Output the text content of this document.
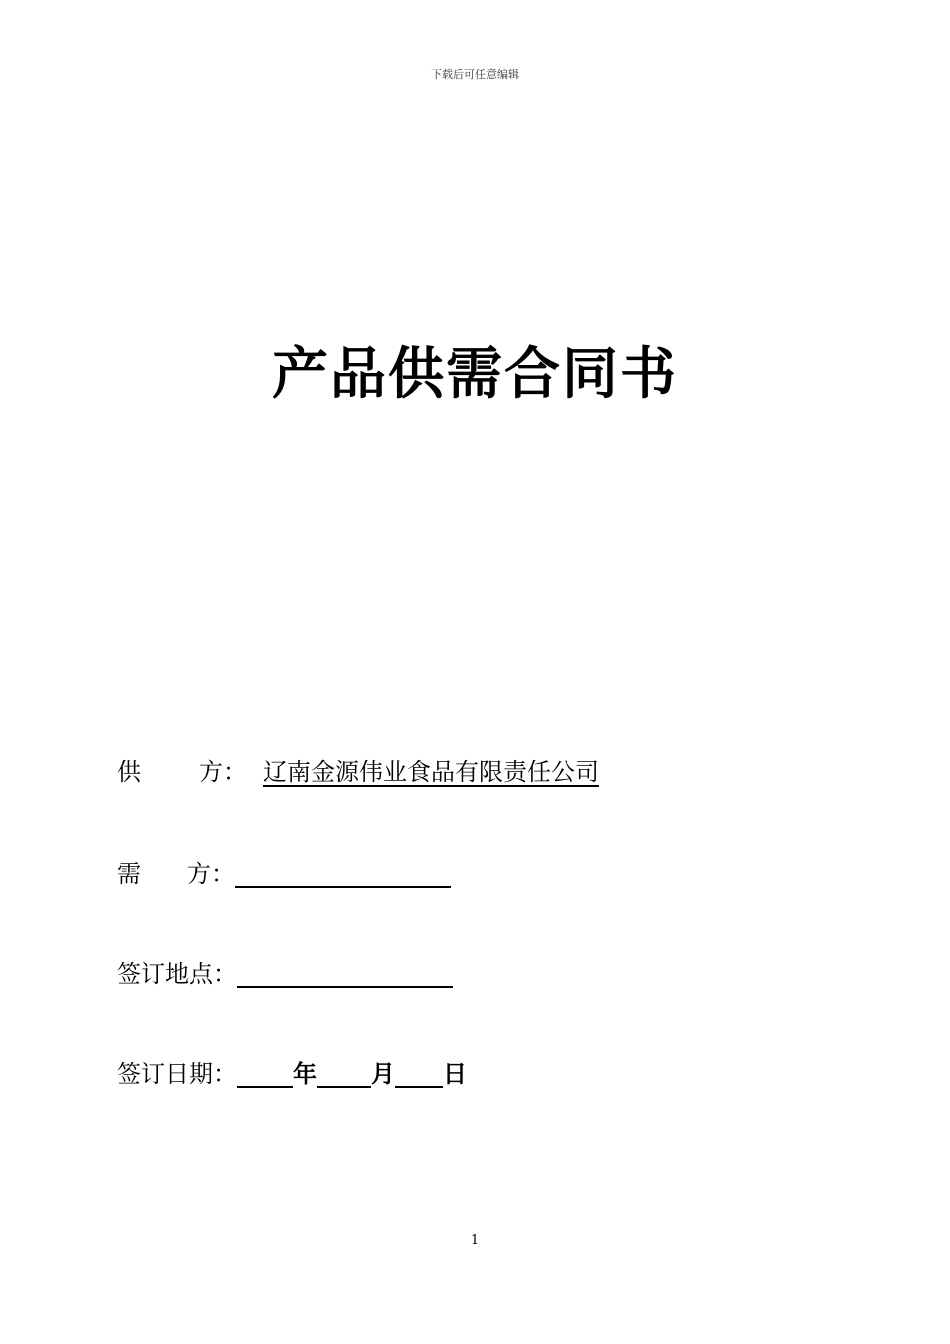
下载后可任意编辑
产品供需合同书
供 方： 辽南金源伟业食品有限责任公司
需 方：
签订地点：
签订日期： 年 月 日
1
